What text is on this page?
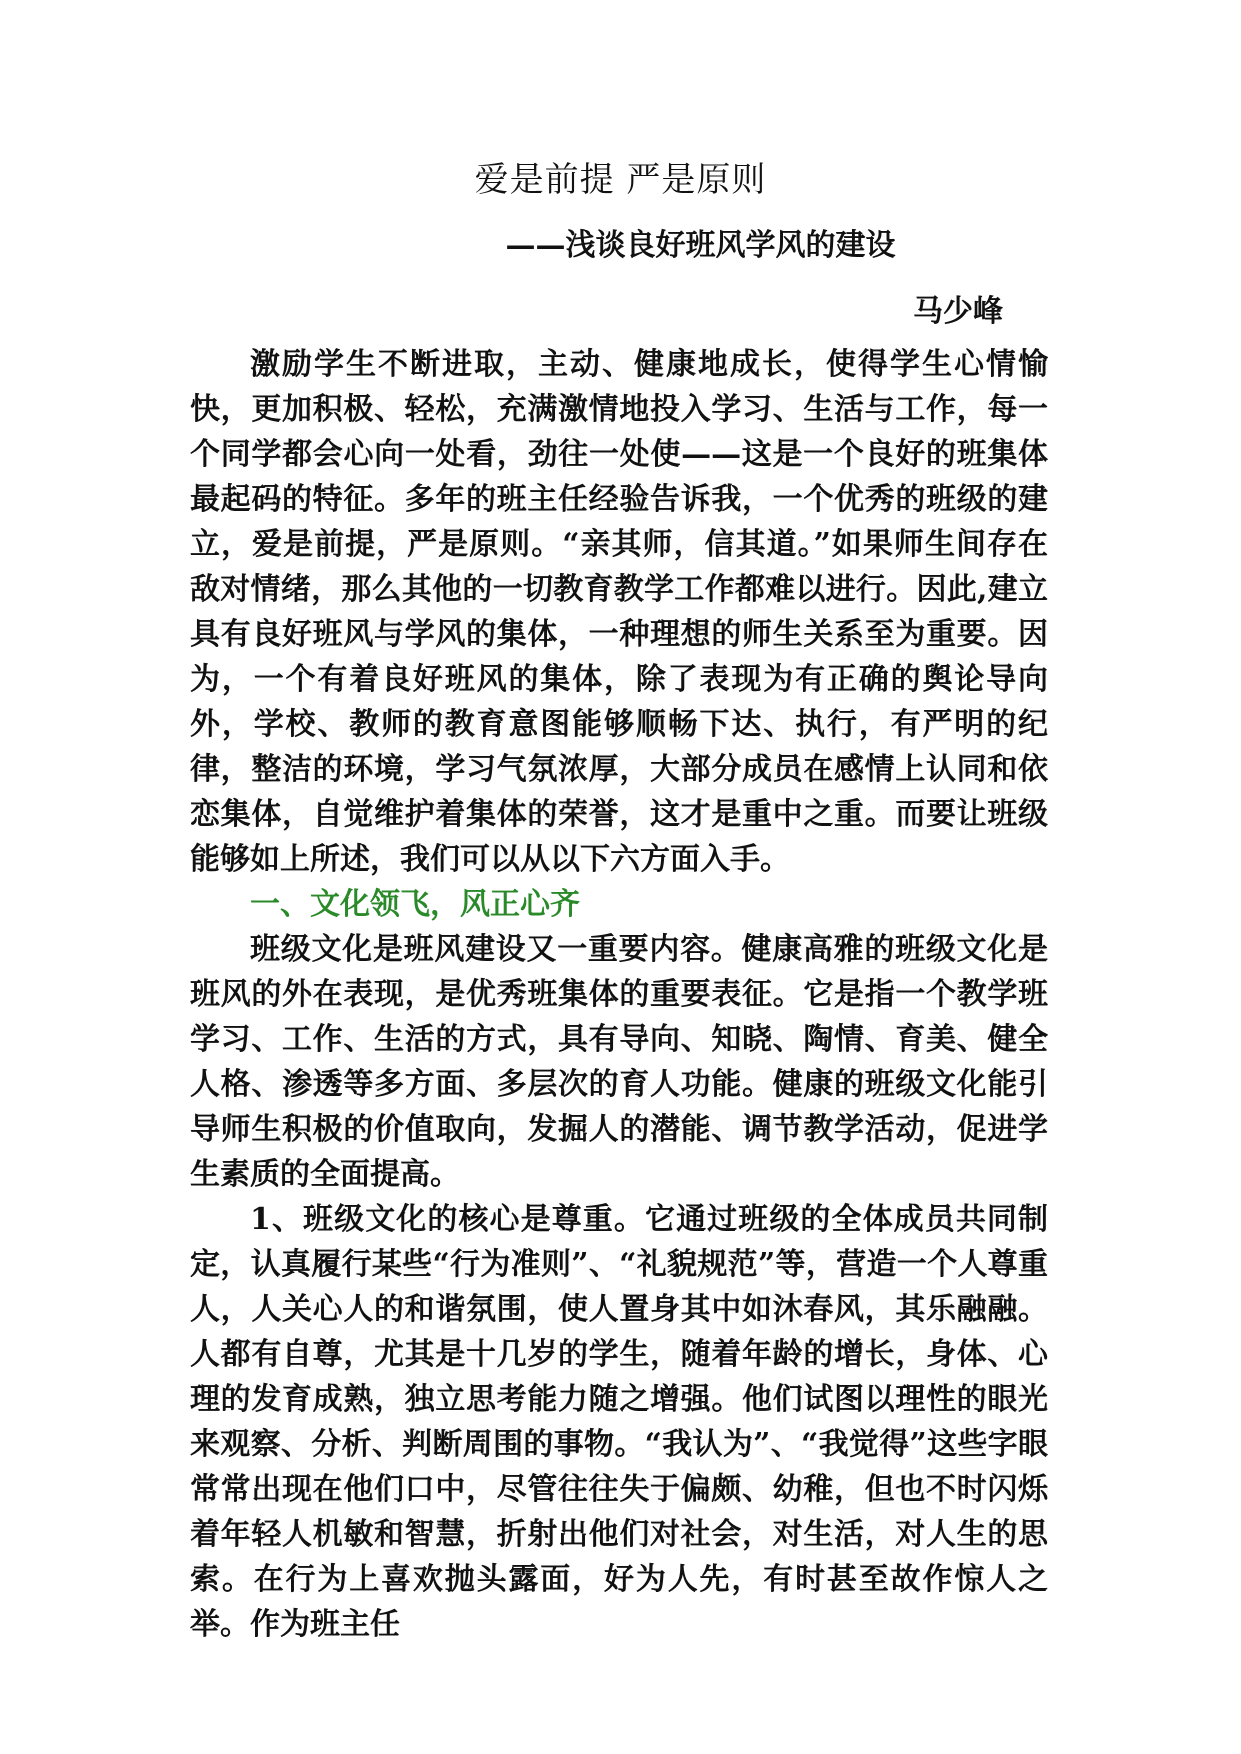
爱是前提 严是原则
——浅谈良好班风学风的建设
马少峰

激励学生不断进取，主动、健康地成长，使得学生心情愉快，更加积极、轻松，充满激情地投入学习、生活与工作，每一个同学都会心向一处看，劲往一处使——这是一个良好的班集体最起码的特征。多年的班主任经验告诉我，一个优秀的班级的建立，爱是前提，严是原则。“亲其师，信其道。”如果师生间存在敌对情绪，那么其他的一切教育教学工作都难以进行。因此,建立具有良好班风与学风的集体，一种理想的师生关系至为重要。因为，一个有着良好班风的集体，除了表现为有正确的舆论导向外，学校、教师的教育意图能够顺畅下达、执行，有严明的纪律，整洁的环境，学习气氛浓厚，大部分成员在感情上认同和依恋集体，自觉维护着集体的荣誉，这才是重中之重。而要让班级能够如上所述，我们可以从以下六方面入手。

一、文化领飞，风正心齐

班级文化是班风建设又一重要内容。健康高雅的班级文化是班风的外在表现，是优秀班集体的重要表征。它是指一个教学班学习、工作、生活的方式，具有导向、知晓、陶情、育美、健全人格、渗透等多方面、多层次的育人功能。健康的班级文化能引导师生积极的价值取向，发掘人的潜能、调节教学活动，促进学生素质的全面提高。

1、班级文化的核心是尊重。它通过班级的全体成员共同制定，认真履行某些“行为准则”、“礼貌规范”等，营造一个人尊重人，人关心人的和谐氛围，使人置身其中如沐春风，其乐融融。人都有自尊，尤其是十几岁的学生，随着年龄的增长，身体、心理的发育成熟，独立思考能力随之增强。他们试图以理性的眼光来观察、分析、判断周围的事物。“我认为”、“我觉得”这些字眼常常出现在他们口中，尽管往往失于偏颇、幼稚，但也不时闪烁着年轻人机敏和智慧，折射出他们对社会，对生活，对人生的思索。在行为上喜欢抛头露面，好为人先，有时甚至故作惊人之举。作为班主任
